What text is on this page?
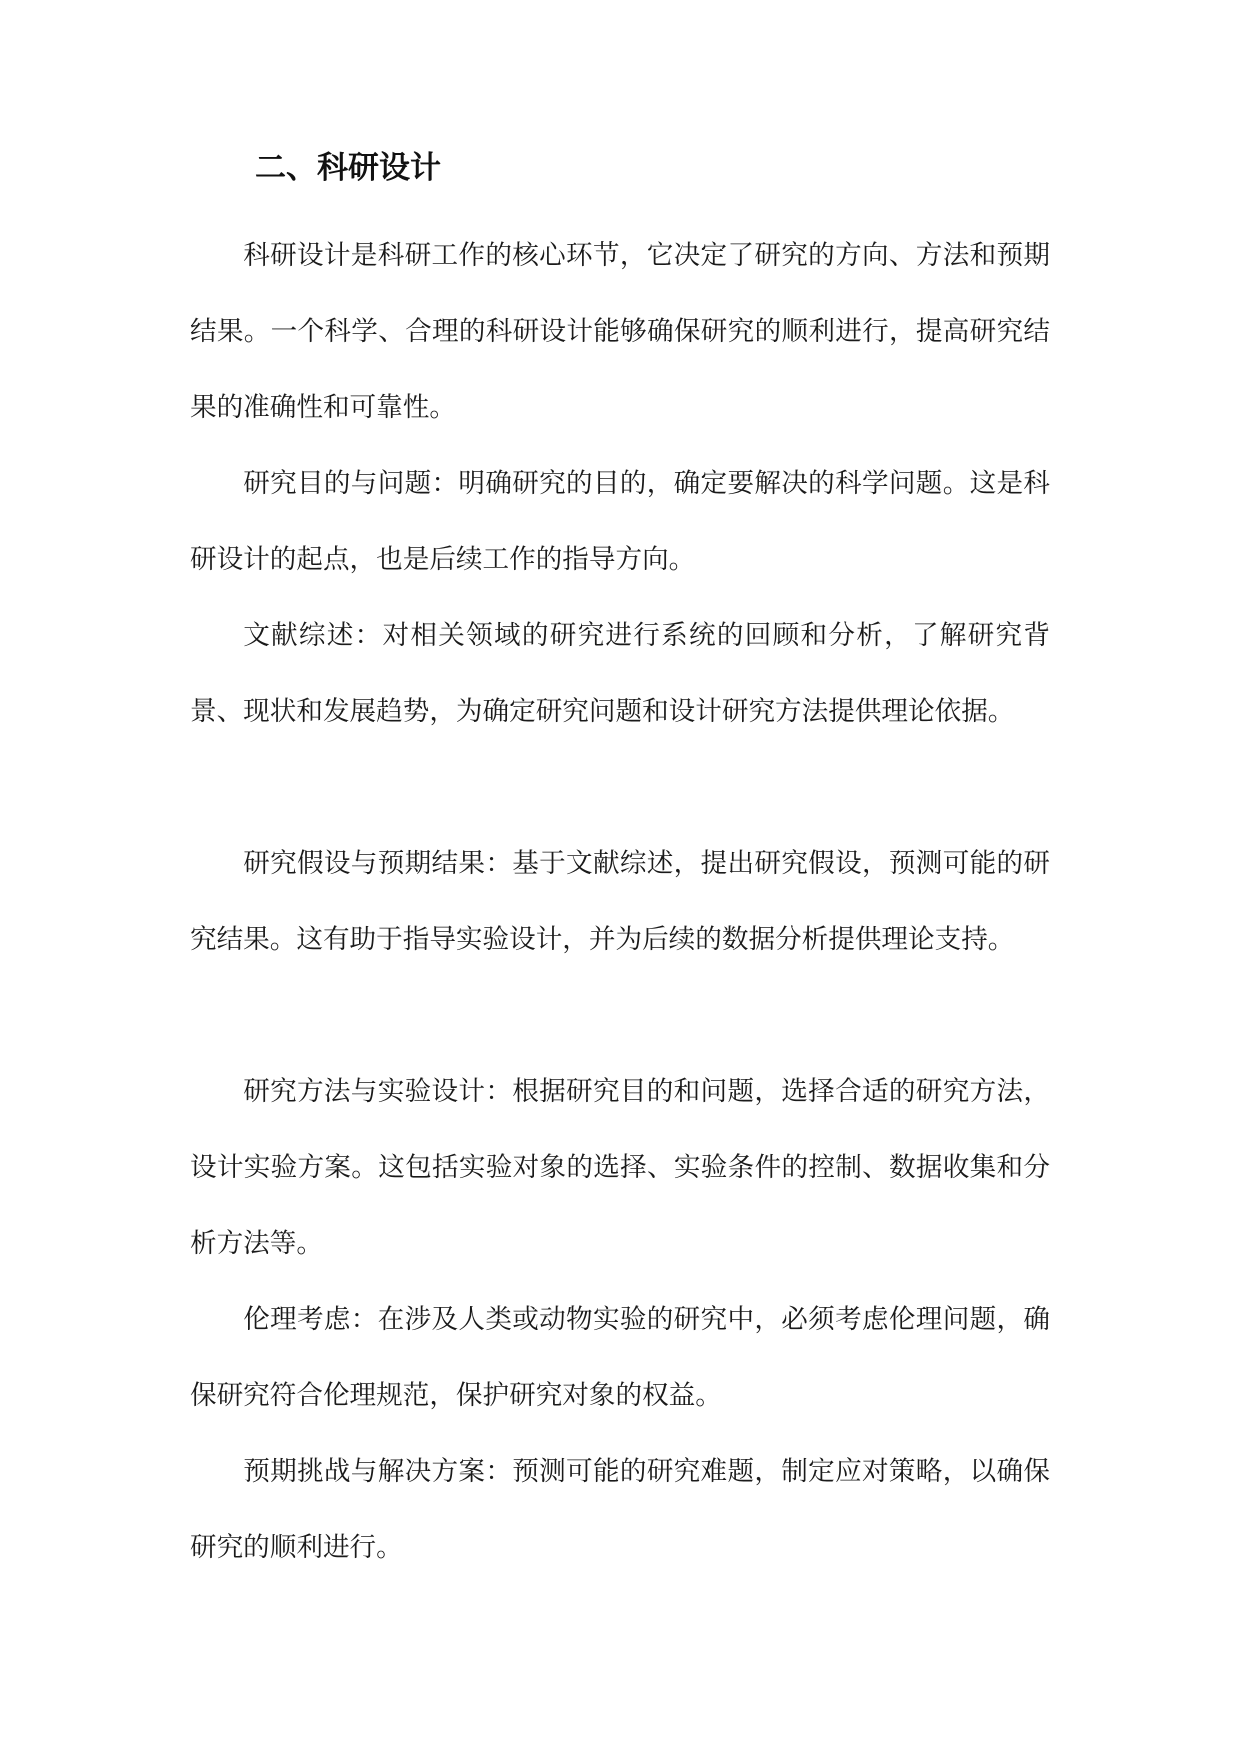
二、科研设计

科研设计是科研工作的核心环节，它决定了研究的方向、方法和预期结果。一个科学、合理的科研设计能够确保研究的顺利进行，提高研究结果的准确性和可靠性。

研究目的与问题：明确研究的目的，确定要解决的科学问题。这是科研设计的起点，也是后续工作的指导方向。

文献综述：对相关领域的研究进行系统的回顾和分析，了解研究背景、现状和发展趋势，为确定研究问题和设计研究方法提供理论依据。

研究假设与预期结果：基于文献综述，提出研究假设，预测可能的研究结果。这有助于指导实验设计，并为后续的数据分析提供理论支持。

研究方法与实验设计：根据研究目的和问题，选择合适的研究方法，设计实验方案。这包括实验对象的选择、实验条件的控制、数据收集和分析方法等。

伦理考虑：在涉及人类或动物实验的研究中，必须考虑伦理问题，确保研究符合伦理规范，保护研究对象的权益。

预期挑战与解决方案：预测可能的研究难题，制定应对策略，以确保研究的顺利进行。
